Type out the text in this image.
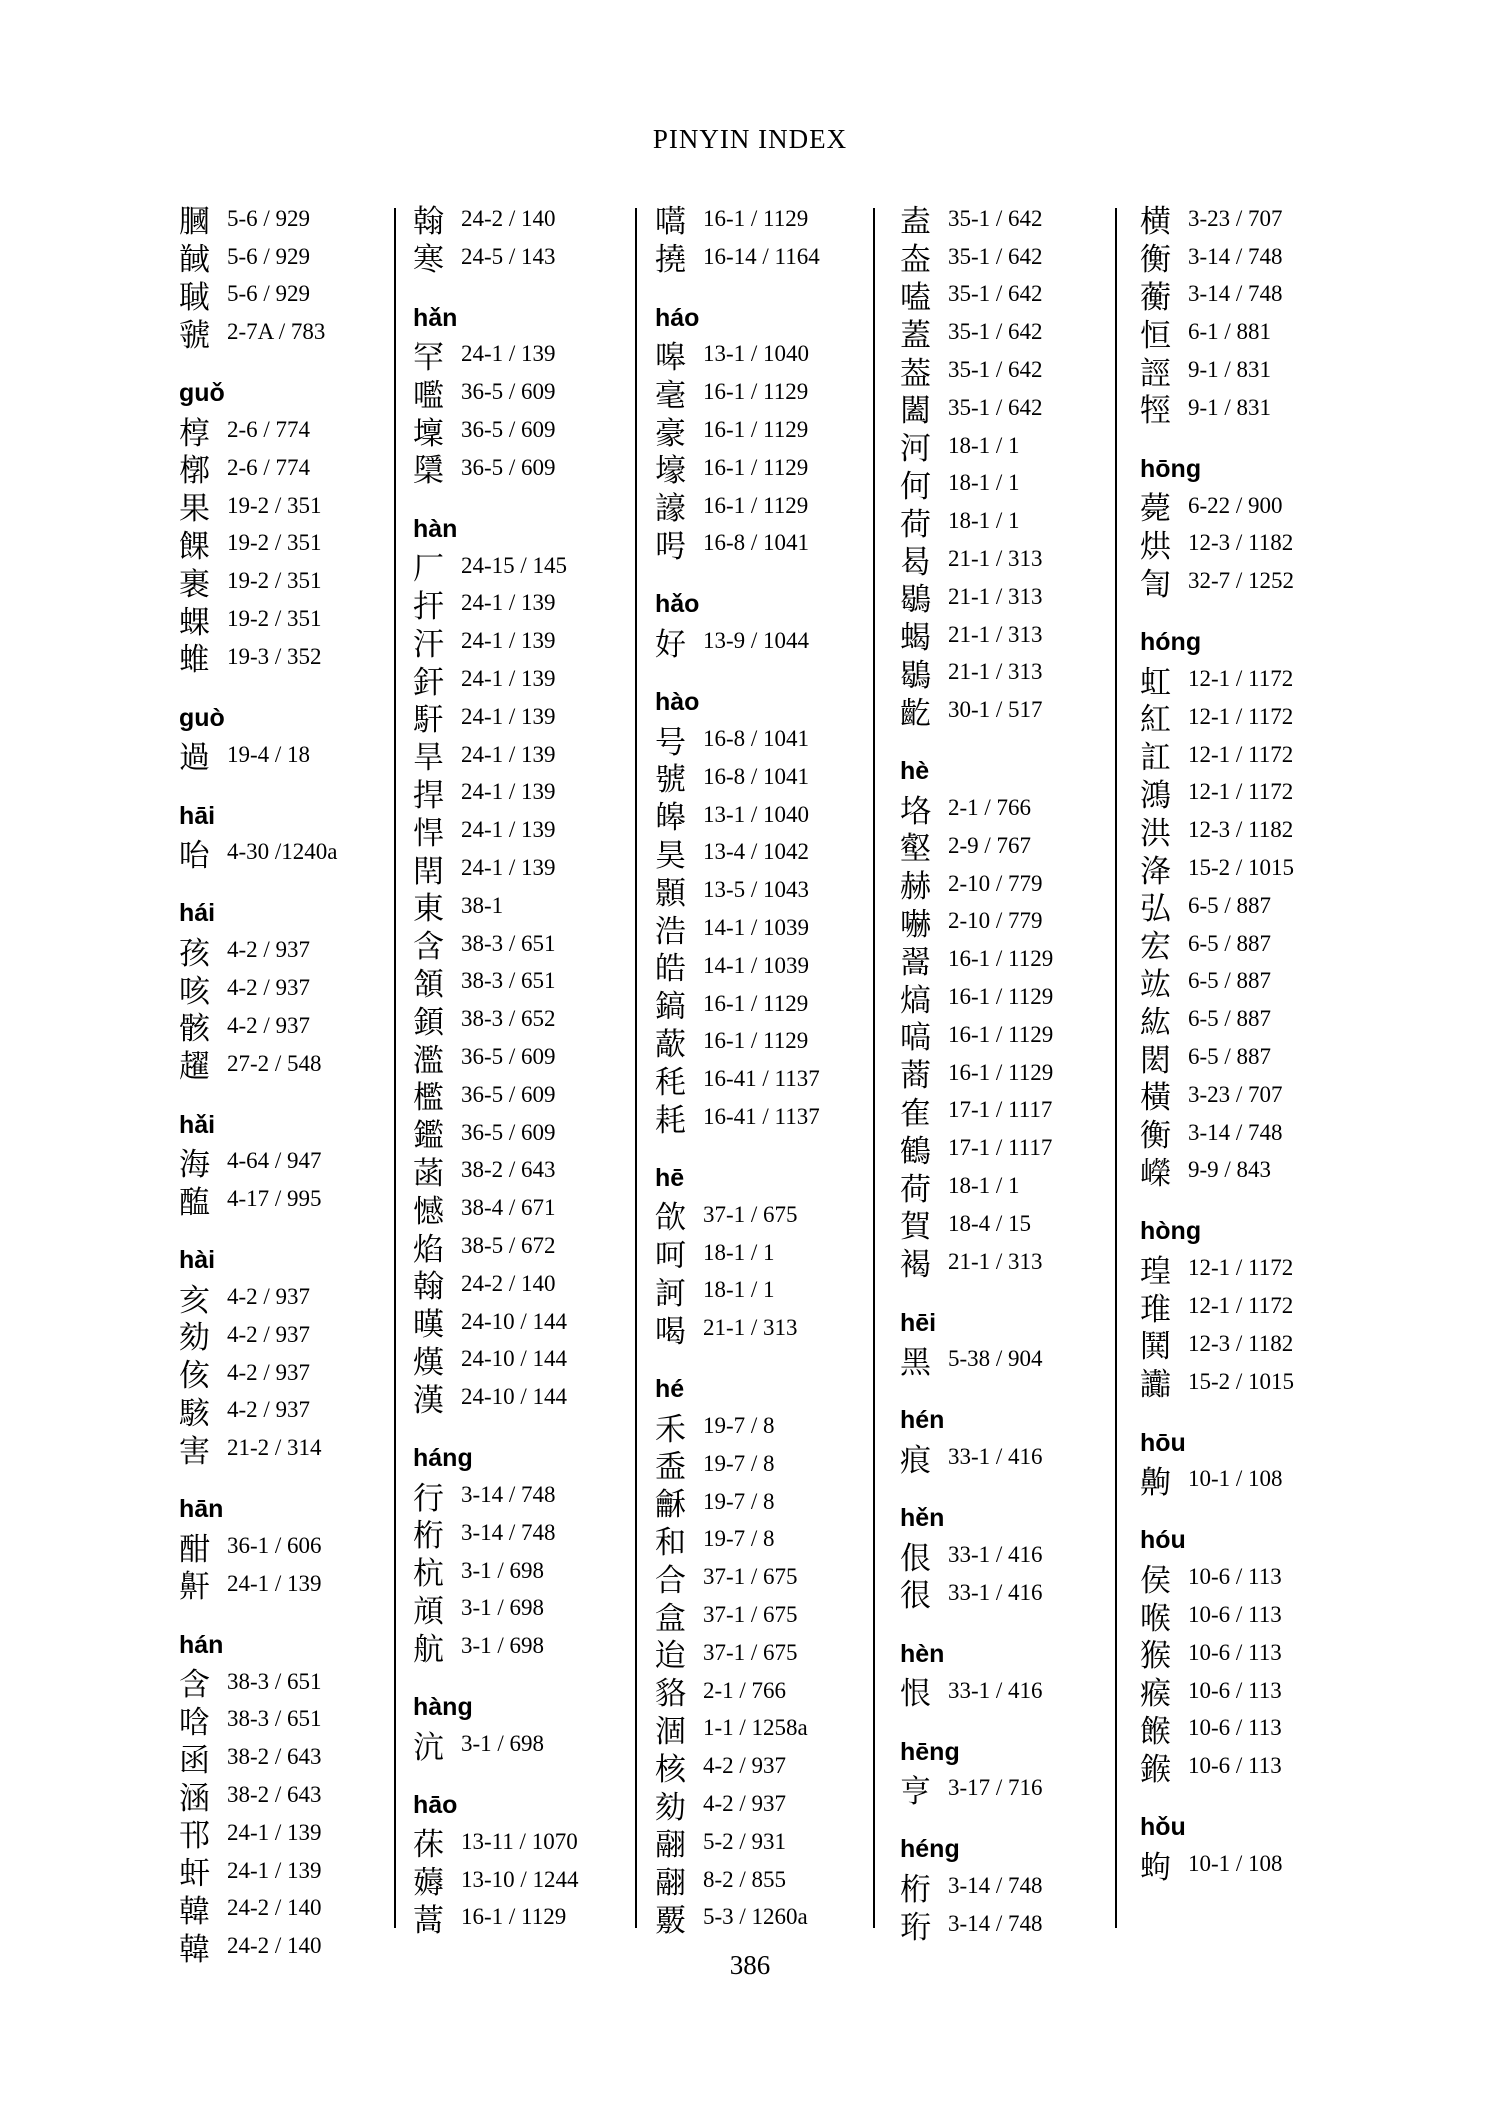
PINYIN INDEX
膕 5-6 / 929
馘 5-6 / 929
聝 5-6 / 929
虢 2-7A / 783
guǒ
椁 2-6 / 774
槨 2-6 / 774
果 19-2 / 351
餜 19-2 / 351
裹 19-2 / 351
蜾 19-2 / 351
蜼 19-3 / 352
guò
過 19-4 / 18
hāi
咍 4-30 /1240a
hái
孩 4-2 / 937
咳 4-2 / 937
骸 4-2 / 937
趯 27-2 / 548
hǎi
海 4-64 / 947
醢 4-17 / 995
hài
亥 4-2 / 937
劾 4-2 / 937
侅 4-2 / 937
駭 4-2 / 937
害 21-2 / 314
hān
酣 36-1 / 606
鼾 24-1 / 139
hán
含 38-3 / 651
唅 38-3 / 651
函 38-2 / 643
涵 38-2 / 643
邗 24-1 / 139
虷 24-1 / 139
韓 24-2 / 140
韓 24-2 / 140
翰 24-2 / 140
寒 24-5 / 143
hǎn
罕 24-1 / 139
嚂 36-5 / 609
壈 36-5 / 609
檃 36-5 / 609
hàn
厂 24-15 / 145
扞 24-1 / 139
汗 24-1 / 139
釬 24-1 / 139
馯 24-1 / 139
旱 24-1 / 139
捍 24-1 / 139
悍 24-1 / 139
閈 24-1 / 139
東 38-1
含 38-3 / 651
頷 38-3 / 651
顉 38-3 / 652
濫 36-5 / 609
檻 36-5 / 609
鑑 36-5 / 609
菡 38-2 / 643
憾 38-4 / 671
焰 38-5 / 672
翰 24-2 / 140
暵 24-10 / 144
熯 24-10 / 144
漢 24-10 / 144
háng
行 3-14 / 748
桁 3-14 / 748
杭 3-1 / 698
頏 3-1 / 698
航 3-1 / 698
hàng
沆 3-1 / 698
hāo
茠 13-11 / 1070
薅 13-10 / 1244
蒿 16-1 / 1129
嚆 16-1 / 1129
撓 16-14 / 1164
háo
嗥 13-1 / 1040
毫 16-1 / 1129
豪 16-1 / 1129
壕 16-1 / 1129
譹 16-1 / 1129
呺 16-8 / 1041
hǎo
好 13-9 / 1044
hào
号 16-8 / 1041
號 16-8 / 1041
皞 13-1 / 1040
昊 13-4 / 1042
顥 13-5 / 1043
浩 14-1 / 1039
皓 14-1 / 1039
鎬 16-1 / 1129
藃 16-1 / 1129
秏 16-41 / 1137
耗 16-41 / 1137
hē
欱 37-1 / 675
呵 18-1 / 1
訶 18-1 / 1
喝 21-1 / 313
hé
禾 19-7 / 8
盉 19-7 / 8
龢 19-7 / 8
和 19-7 / 8
合 37-1 / 675
盒 37-1 / 675
迨 37-1 / 675
貉 2-1 / 766
涸 1-1 / 1258a
核 4-2 / 937
劾 4-2 / 937
翮 5-2 / 931
翮 8-2 / 855
覈 5-3 / 1260a
盍 35-1 / 642
盇 35-1 / 642
嗑 35-1 / 642
蓋 35-1 / 642
葢 35-1 / 642
闔 35-1 / 642
河 18-1 / 1
何 18-1 / 1
荷 18-1 / 1
曷 21-1 / 313
鶡 21-1 / 313
蝎 21-1 / 313
鶡 21-1 / 313
齕 30-1 / 517
hè
垎 2-1 / 766
壑 2-9 / 767
赫 2-10 / 779
嚇 2-10 / 779
翯 16-1 / 1129
熇 16-1 / 1129
嗃 16-1 / 1129
蔏 16-1 / 1129
隺 17-1 / 1117
鶴 17-1 / 1117
荷 18-1 / 1
賀 18-4 / 15
褐 21-1 / 313
hēi
黑 5-38 / 904
hén
痕 33-1 / 416
hěn
佷 33-1 / 416
很 33-1 / 416
hèn
恨 33-1 / 416
hēng
亨 3-17 / 716
héng
桁 3-14 / 748
珩 3-14 / 748
横 3-23 / 707
衡 3-14 / 748
蘅 3-14 / 748
恒 6-1 / 881
誙 9-1 / 831
牼 9-1 / 831
hōng
薨 6-22 / 900
烘 12-3 / 1182
訇 32-7 / 1252
hóng
虹 12-1 / 1172
紅 12-1 / 1172
訌 12-1 / 1172
鴻 12-1 / 1172
洪 12-3 / 1182
洚 15-2 / 1015
弘 6-5 / 887
宏 6-5 / 887
竑 6-5 / 887
紘 6-5 / 887
閎 6-5 / 887
橫 3-23 / 707
衡 3-14 / 748
嶸 9-9 / 843
hòng
瑝 12-1 / 1172
琟 12-1 / 1172
鬨 12-3 / 1182
讟 15-2 / 1015
hōu
齁 10-1 / 108
hóu
侯 10-6 / 113
喉 10-6 / 113
猴 10-6 / 113
瘊 10-6 / 113
餱 10-6 / 113
鍭 10-6 / 113
hǒu
蚼 10-1 / 108
386
